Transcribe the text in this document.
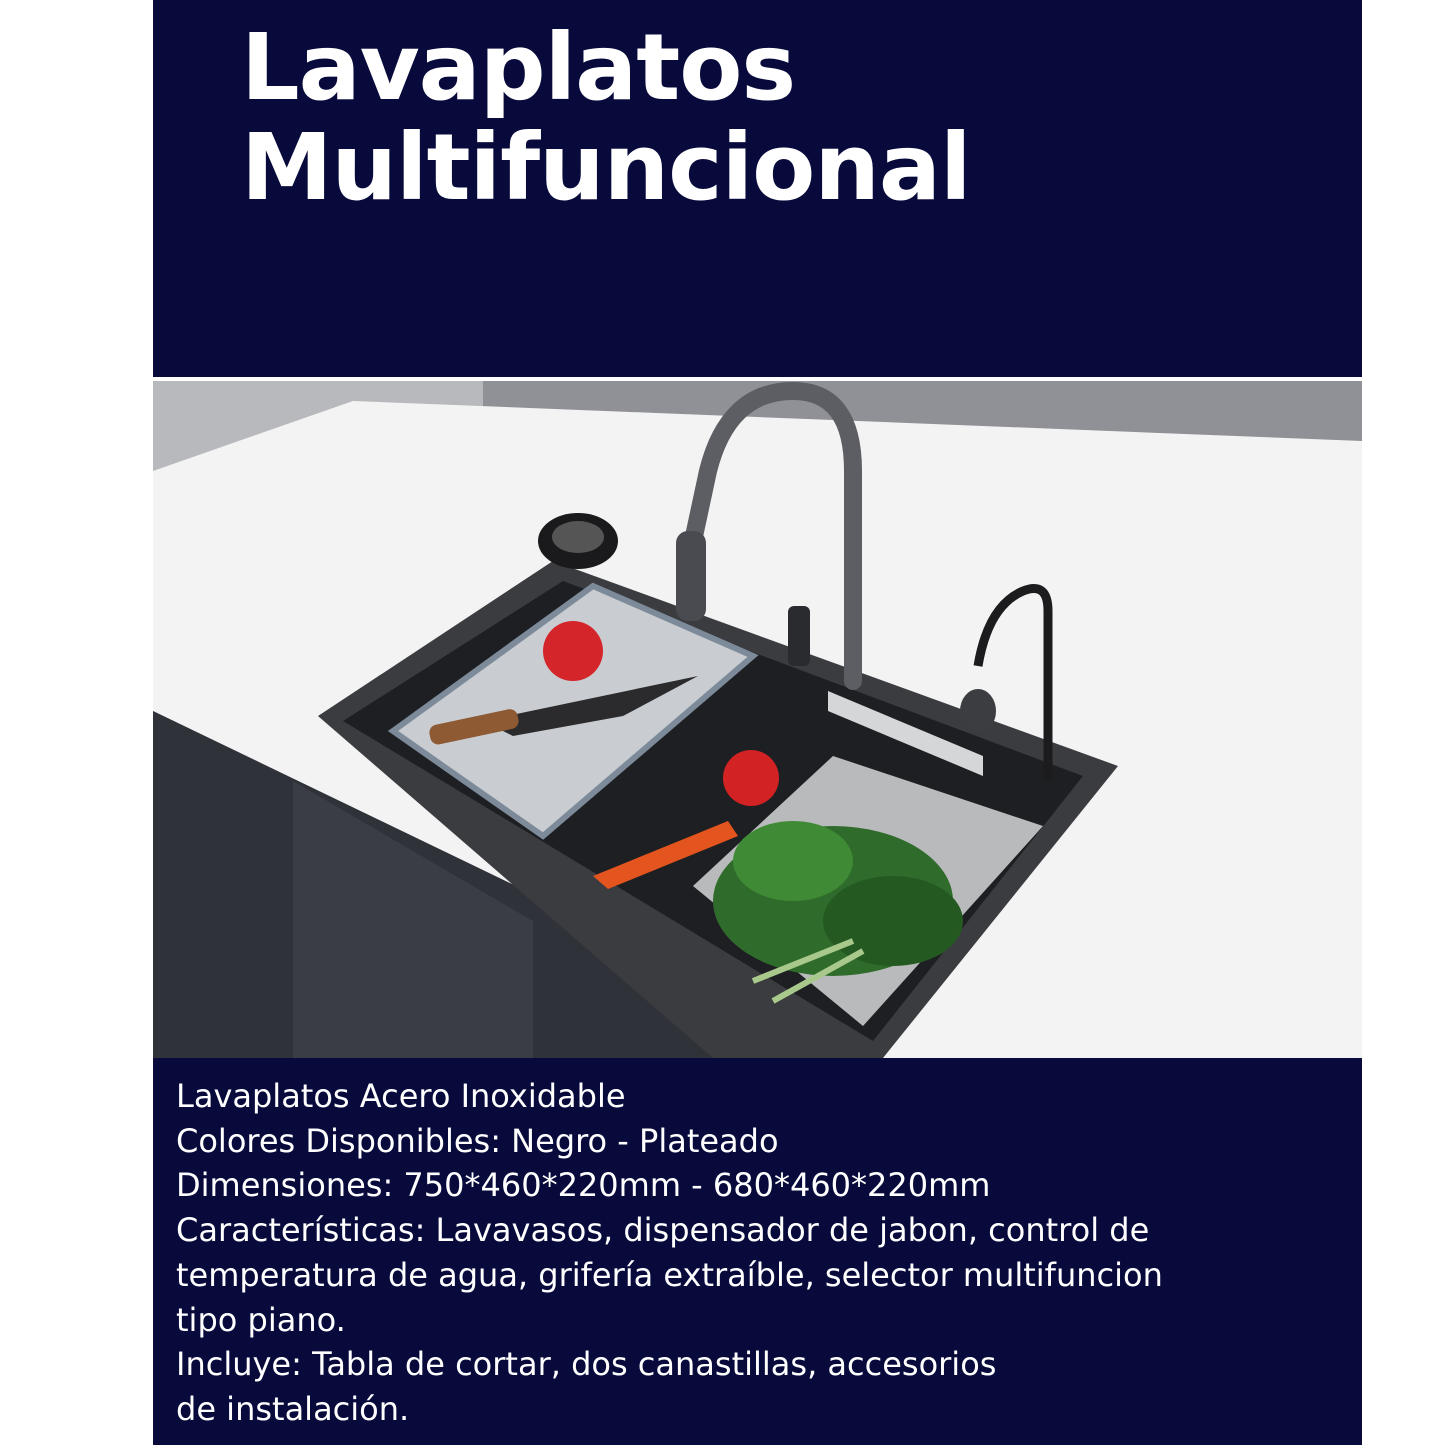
Lavaplatos
Multifuncional
Lavaplatos Acero Inoxidable
Colores Disponibles: Negro - Plateado
Dimensiones: 750*460*220mm - 680*460*220mm
Características: Lavavasos, dispensador de jabon, control de
temperatura de agua, grifería extraíble, selector multifuncion
tipo piano.
Incluye: Tabla de cortar, dos canastillas, accesorios
de instalación.
